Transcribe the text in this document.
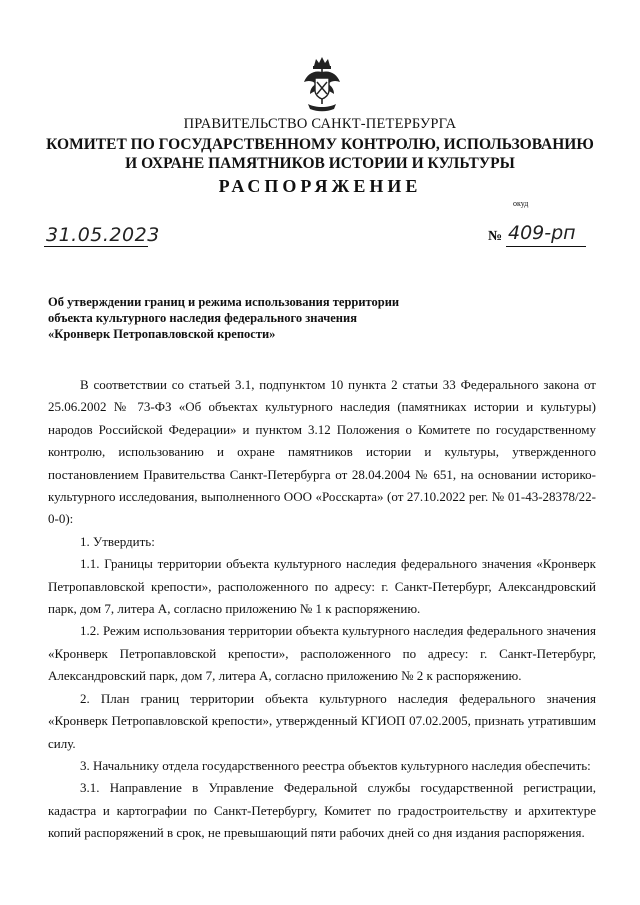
ПРАВИТЕЛЬСТВО САНКТ-ПЕТЕРБУРГА
КОМИТЕТ ПО ГОСУДАРСТВЕННОМУ КОНТРОЛЮ, ИСПОЛЬЗОВАНИЮ
И ОХРАНЕ ПАМЯТНИКОВ ИСТОРИИ И КУЛЬТУРЫ
РАСПОРЯЖЕНИЕ
окуд
31.05.2023	№ 409-рп
Об утверждении границ и режима использования территории
объекта культурного наследия федерального значения
«Кронверк Петропавловской крепости»

В соответствии со статьей 3.1, подпунктом 10 пункта 2 статьи 33 Федерального закона от 25.06.2002 № 73-ФЗ «Об объектах культурного наследия (памятниках истории и культуры) народов Российской Федерации» и пунктом 3.12 Положения о Комитете по государственному контролю, использованию и охране памятников истории и культуры, утвержденного постановлением Правительства Санкт-Петербурга от 28.04.2004 № 651, на основании историко-культурного исследования, выполненного ООО «Росскарта» (от 27.10.2022 рег. № 01-43-28378/22-0-0):

1. Утвердить:

1.1. Границы территории объекта культурного наследия федерального значения «Кронверк Петропавловской крепости», расположенного по адресу: г. Санкт-Петербург, Александровский парк, дом 7, литера А, согласно приложению № 1 к распоряжению.

1.2. Режим использования территории объекта культурного наследия федерального значения «Кронверк Петропавловской крепости», расположенного по адресу: г. Санкт-Петербург, Александровский парк, дом 7, литера А, согласно приложению № 2 к распоряжению.

2. План границ территории объекта культурного наследия федерального значения «Кронверк Петропавловской крепости», утвержденный КГИОП 07.02.2005, признать утратившим силу.

3. Начальнику отдела государственного реестра объектов культурного наследия обеспечить:

3.1. Направление в Управление Федеральной службы государственной регистрации, кадастра и картографии по Санкт-Петербургу, Комитет по градостроительству и архитектуре копий распоряжений в срок, не превышающий пяти рабочих дней со дня издания распоряжения.
